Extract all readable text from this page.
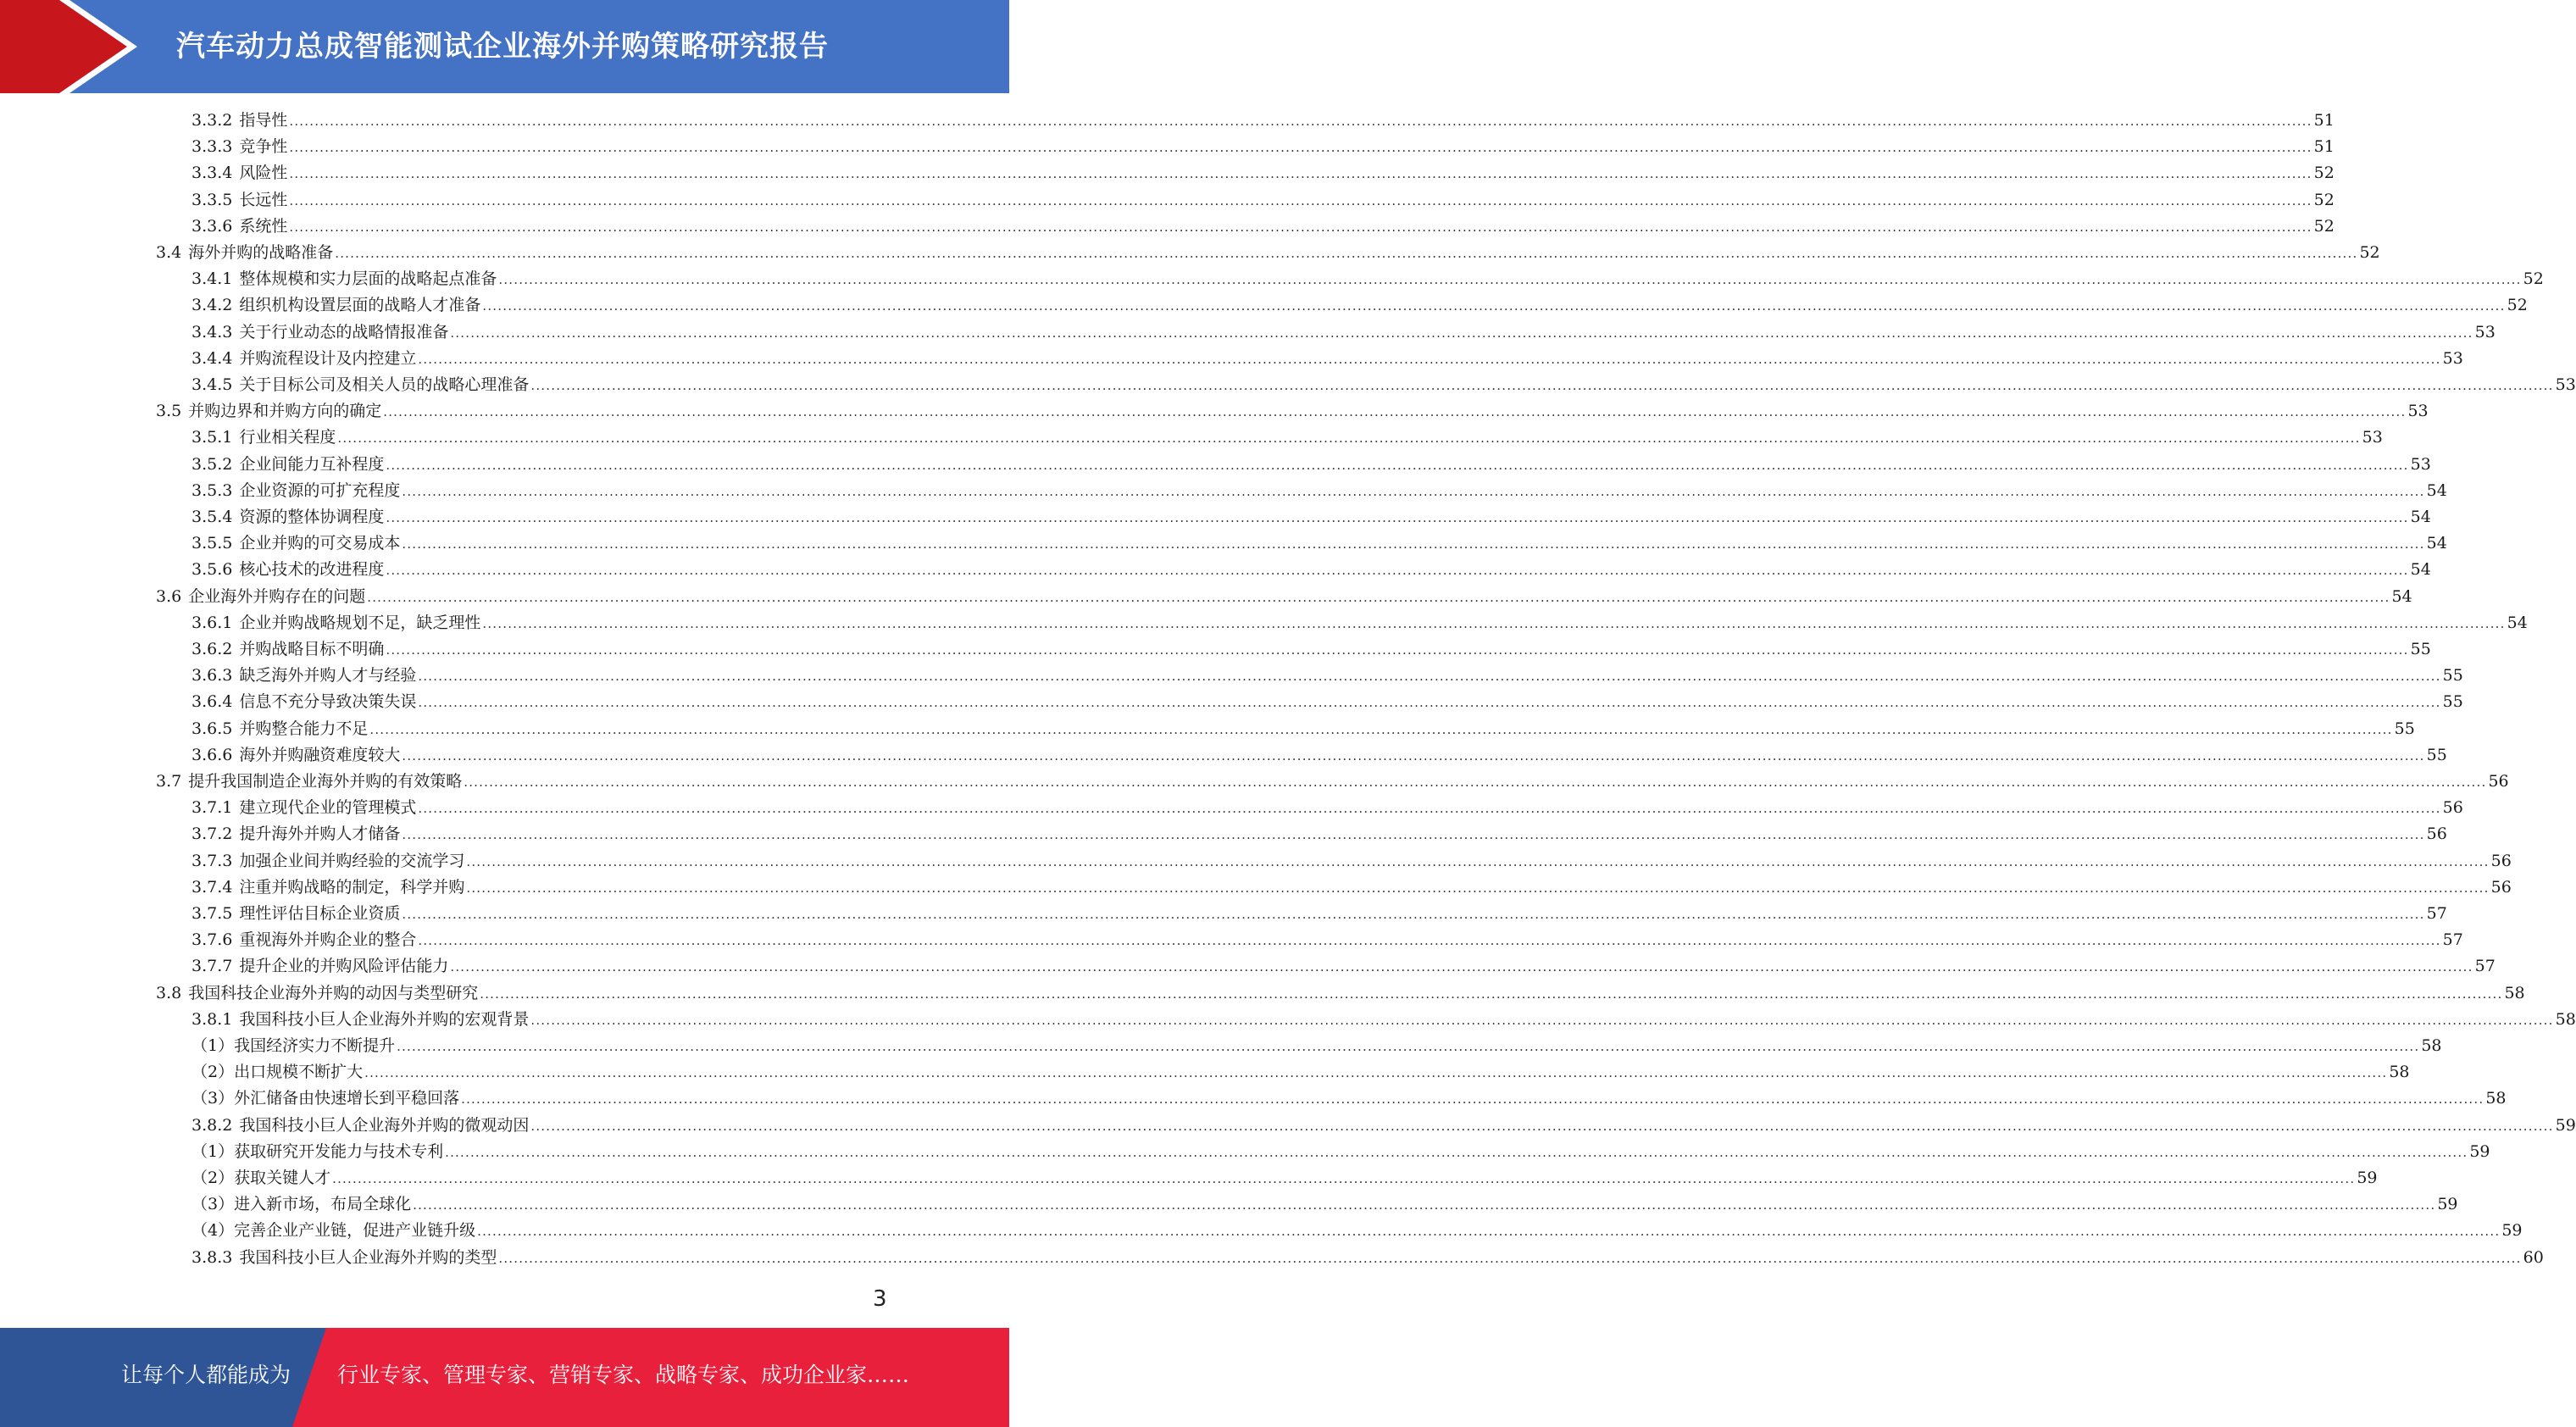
汽车动力总成智能测试企业海外并购策略研究报告
3.3.2 指导性 ................................................................................................................................................................................................................................................................................................................................................................................................................ 51
3.3.3 竞争性 ................................................................................................................................................................................................................................................................................................................................................................................................................ 51
3.3.4 风险性 ................................................................................................................................................................................................................................................................................................................................................................................................................ 52
3.3.5 长远性 ................................................................................................................................................................................................................................................................................................................................................................................................................ 52
3.3.6 系统性 ................................................................................................................................................................................................................................................................................................................................................................................................................ 52
3.4 海外并购的战略准备 ................................................................................................................................................................................................................................................................................................................................................................................................................ 52
3.4.1 整体规模和实力层面的战略起点准备 ................................................................................................................................................................................................................................................................................................................................................................................................................ 52
3.4.2 组织机构设置层面的战略人才准备 ................................................................................................................................................................................................................................................................................................................................................................................................................ 52
3.4.3 关于行业动态的战略情报准备 ................................................................................................................................................................................................................................................................................................................................................................................................................ 53
3.4.4 并购流程设计及内控建立 ................................................................................................................................................................................................................................................................................................................................................................................................................ 53
3.4.5 关于目标公司及相关人员的战略心理准备 ................................................................................................................................................................................................................................................................................................................................................................................................................ 53
3.5 并购边界和并购方向的确定 ................................................................................................................................................................................................................................................................................................................................................................................................................ 53
3.5.1 行业相关程度 ................................................................................................................................................................................................................................................................................................................................................................................................................ 53
3.5.2 企业间能力互补程度 ................................................................................................................................................................................................................................................................................................................................................................................................................ 53
3.5.3 企业资源的可扩充程度 ................................................................................................................................................................................................................................................................................................................................................................................................................ 54
3.5.4 资源的整体协调程度 ................................................................................................................................................................................................................................................................................................................................................................................................................ 54
3.5.5 企业并购的可交易成本 ................................................................................................................................................................................................................................................................................................................................................................................................................ 54
3.5.6 核心技术的改进程度 ................................................................................................................................................................................................................................................................................................................................................................................................................ 54
3.6 企业海外并购存在的问题 ................................................................................................................................................................................................................................................................................................................................................................................................................ 54
3.6.1 企业并购战略规划不足，缺乏理性 ................................................................................................................................................................................................................................................................................................................................................................................................................ 54
3.6.2 并购战略目标不明确 ................................................................................................................................................................................................................................................................................................................................................................................................................ 55
3.6.3 缺乏海外并购人才与经验 ................................................................................................................................................................................................................................................................................................................................................................................................................ 55
3.6.4 信息不充分导致决策失误 ................................................................................................................................................................................................................................................................................................................................................................................................................ 55
3.6.5 并购整合能力不足 ................................................................................................................................................................................................................................................................................................................................................................................................................ 55
3.6.6 海外并购融资难度较大 ................................................................................................................................................................................................................................................................................................................................................................................................................ 55
3.7 提升我国制造企业海外并购的有效策略 ................................................................................................................................................................................................................................................................................................................................................................................................................ 56
3.7.1 建立现代企业的管理模式 ................................................................................................................................................................................................................................................................................................................................................................................................................ 56
3.7.2 提升海外并购人才储备 ................................................................................................................................................................................................................................................................................................................................................................................................................ 56
3.7.3 加强企业间并购经验的交流学习 ................................................................................................................................................................................................................................................................................................................................................................................................................ 56
3.7.4 注重并购战略的制定，科学并购 ................................................................................................................................................................................................................................................................................................................................................................................................................ 56
3.7.5 理性评估目标企业资质 ................................................................................................................................................................................................................................................................................................................................................................................................................ 57
3.7.6 重视海外并购企业的整合 ................................................................................................................................................................................................................................................................................................................................................................................................................ 57
3.7.7 提升企业的并购风险评估能力 ................................................................................................................................................................................................................................................................................................................................................................................................................ 57
3.8 我国科技企业海外并购的动因与类型研究 ................................................................................................................................................................................................................................................................................................................................................................................................................ 58
3.8.1 我国科技小巨人企业海外并购的宏观背景 ................................................................................................................................................................................................................................................................................................................................................................................................................ 58
（1） 我国经济实力不断提升 ................................................................................................................................................................................................................................................................................................................................................................................................................ 58
（2） 出口规模不断扩大 ................................................................................................................................................................................................................................................................................................................................................................................................................ 58
（3） 外汇储备由快速增长到平稳回落 ................................................................................................................................................................................................................................................................................................................................................................................................................ 58
3.8.2 我国科技小巨人企业海外并购的微观动因 ................................................................................................................................................................................................................................................................................................................................................................................................................ 59
（1） 获取研究开发能力与技术专利 ................................................................................................................................................................................................................................................................................................................................................................................................................ 59
（2） 获取关键人才 ................................................................................................................................................................................................................................................................................................................................................................................................................ 59
（3） 进入新市场，布局全球化 ................................................................................................................................................................................................................................................................................................................................................................................................................ 59
（4） 完善企业产业链，促进产业链升级 ................................................................................................................................................................................................................................................................................................................................................................................................................ 59
3.8.3 我国科技小巨人企业海外并购的类型 ................................................................................................................................................................................................................................................................................................................................................................................................................ 60
3
让每个人都能成为 行业专家、管理专家、营销专家、战略专家、成功企业家……
